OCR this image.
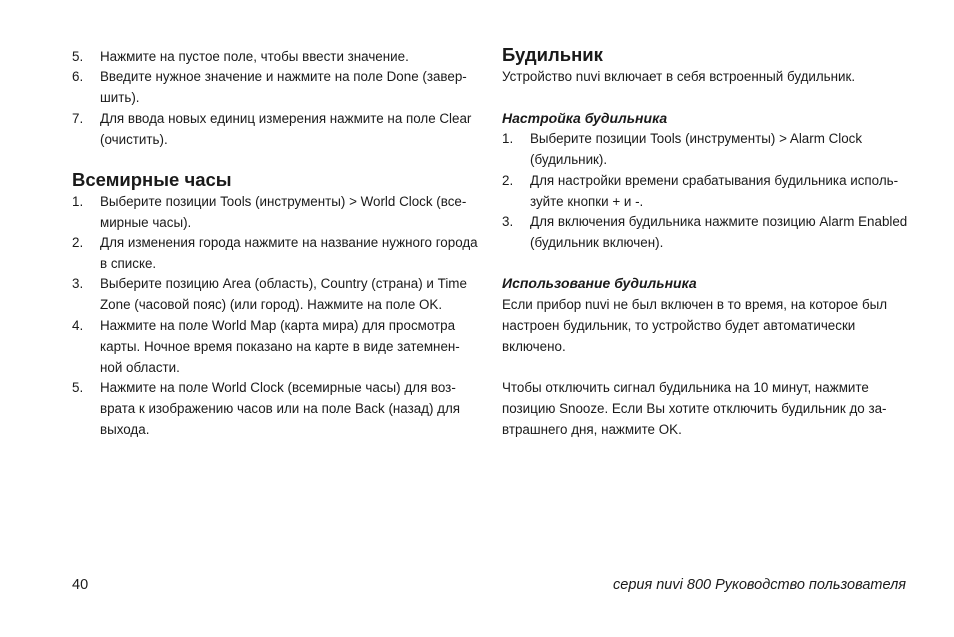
5.	Нажмите на пустое поле, чтобы ввести значение.
6.	Введите нужное значение и нажмите на поле Done (завер-шить).
7.	Для ввода новых единиц измерения нажмите на поле Clear (очистить).
Всемирные часы
1.	Выберите позиции Tools (инструменты) > World Clock (все-мирные часы).
2.	Для изменения города нажмите на название нужного города в списке.
3.	Выберите позицию Area (область), Country (страна) и Time Zone (часовой пояс) (или город). Нажмите на поле OK.
4.	Нажмите на поле World Map (карта мира) для просмотра карты. Ночное время показано на карте в виде затемнен-ной области.
5.	Нажмите на поле World Clock (всемирные часы) для воз-врата к изображению часов или на поле Back (назад) для выхода.
Будильник

Устройство nuvi включает в себя встроенный будильник.

Настройка будильника
1.	Выберите позиции Tools (инструменты) > Alarm Clock (будильник).
2.	Для настройки времени срабатывания будильника исполь-зуйте кнопки + и -.
3.	Для включения будильника нажмите позицию Alarm Enabled (будильник включен).
Использование будильника

Если прибор nuvi не был включен в то время, на которое был настроен будильник, то устройство будет автоматически включено.

Чтобы отключить сигнал будильника на 10 минут, нажмите позицию Snooze. Если Вы хотите отключить будильник до за-втрашнего дня, нажмите OK.

40	серия nuvi 800 Руководство пользователя
